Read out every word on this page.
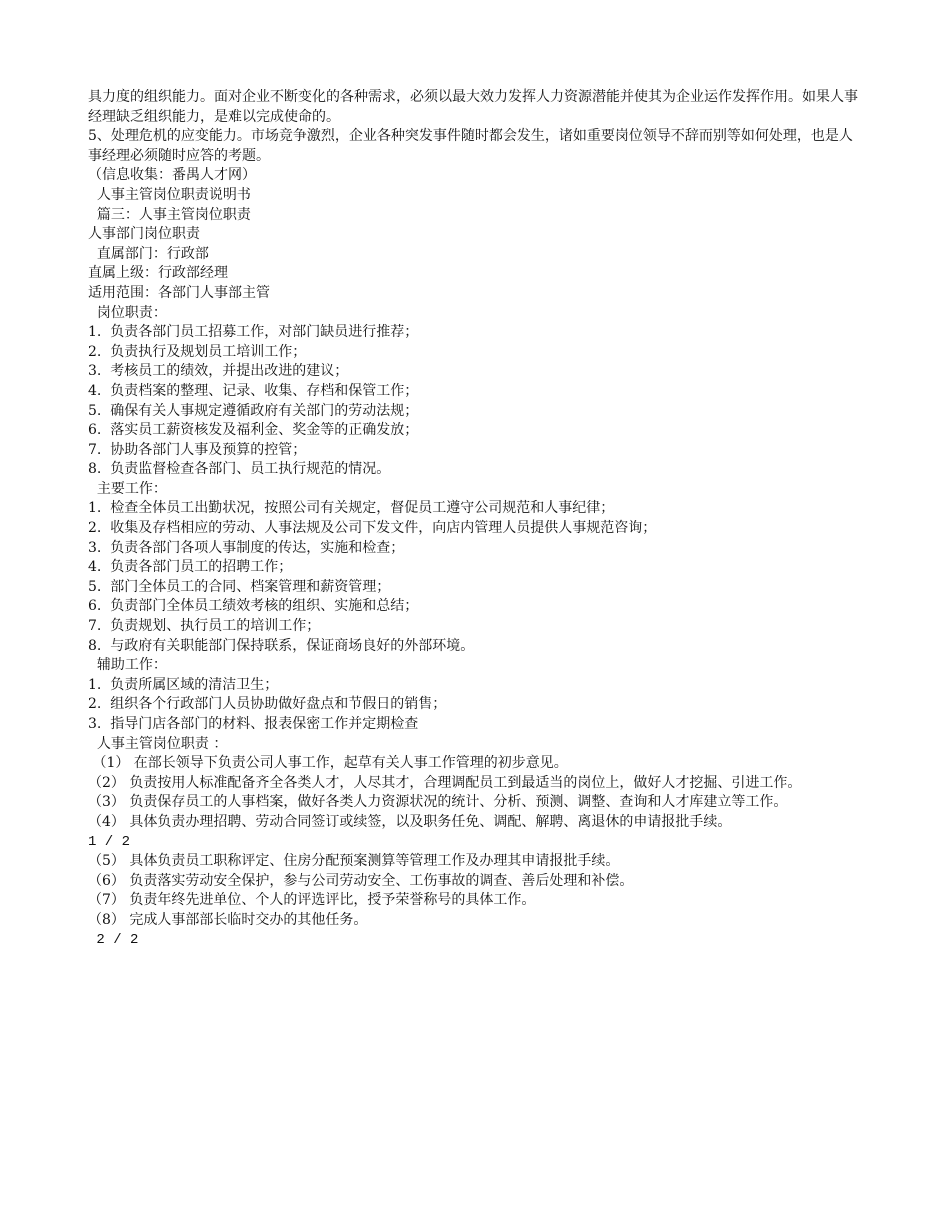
具力度的组织能力。面对企业不断变化的各种需求，必须以最大效力发挥人力资源潜能并使其为企业运作发挥作用。如果人事经理缺乏组织能力，是难以完成使命的。

5、处理危机的应变能力。市场竞争激烈，企业各种突发事件随时都会发生，诸如重要岗位领导不辞而别等如何处理，也是人事经理必须随时应答的考题。

（信息收集：番禺人才网）

人事主管岗位职责说明书

篇三：人事主管岗位职责

人事部门岗位职责

直属部门：行政部

直属上级：行政部经理

适用范围：各部门人事部主管

岗位职责：

1.  负责各部门员工招募工作，对部门缺员进行推荐；

2.  负责执行及规划员工培训工作；

3.  考核员工的绩效，并提出改进的建议；

4.  负责档案的整理、记录、收集、存档和保管工作；

5.  确保有关人事规定遵循政府有关部门的劳动法规；

6.  落实员工薪资核发及福利金、奖金等的正确发放；

7.  协助各部门人事及预算的控管；

8.  负责监督检查各部门、员工执行规范的情况。

主要工作：

1.  检查全体员工出勤状况，按照公司有关规定，督促员工遵守公司规范和人事纪律；

2.  收集及存档相应的劳动、人事法规及公司下发文件，向店内管理人员提供人事规范咨询；

3.  负责各部门各项人事制度的传达，实施和检查；

4.  负责各部门员工的招聘工作；

5.  部门全体员工的合同、档案管理和薪资管理；

6.  负责部门全体员工绩效考核的组织、实施和总结；

7.  负责规划、执行员工的培训工作；

8.  与政府有关职能部门保持联系，保证商场良好的外部环境。

辅助工作：

1.  负责所属区域的清洁卫生；

2.  组织各个行政部门人员协助做好盘点和节假日的销售；

3.  指导门店各部门的材料、报表保密工作并定期检查

人事主管岗位职责 ：

（1） 在部长领导下负责公司人事工作，起草有关人事工作管理的初步意见。

（2） 负责按用人标准配备齐全各类人才，人尽其才，合理调配员工到最适当的岗位上，做好人才挖掘、引进工作。

（3） 负责保存员工的人事档案，做好各类人力资源状况的统计、分析、预测、调整、查询和人才库建立等工作。

（4） 具体负责办理招聘、劳动合同签订或续签，以及职务任免、调配、解聘、离退休的申请报批手续。

1 / 2

（5） 具体负责员工职称评定、住房分配预案测算等管理工作及办理其申请报批手续。

（6） 负责落实劳动安全保护，参与公司劳动安全、工伤事故的调查、善后处理和补偿。

（7） 负责年终先进单位、个人的评选评比，授予荣誉称号的具体工作。

（8） 完成人事部部长临时交办的其他任务。

2 / 2
